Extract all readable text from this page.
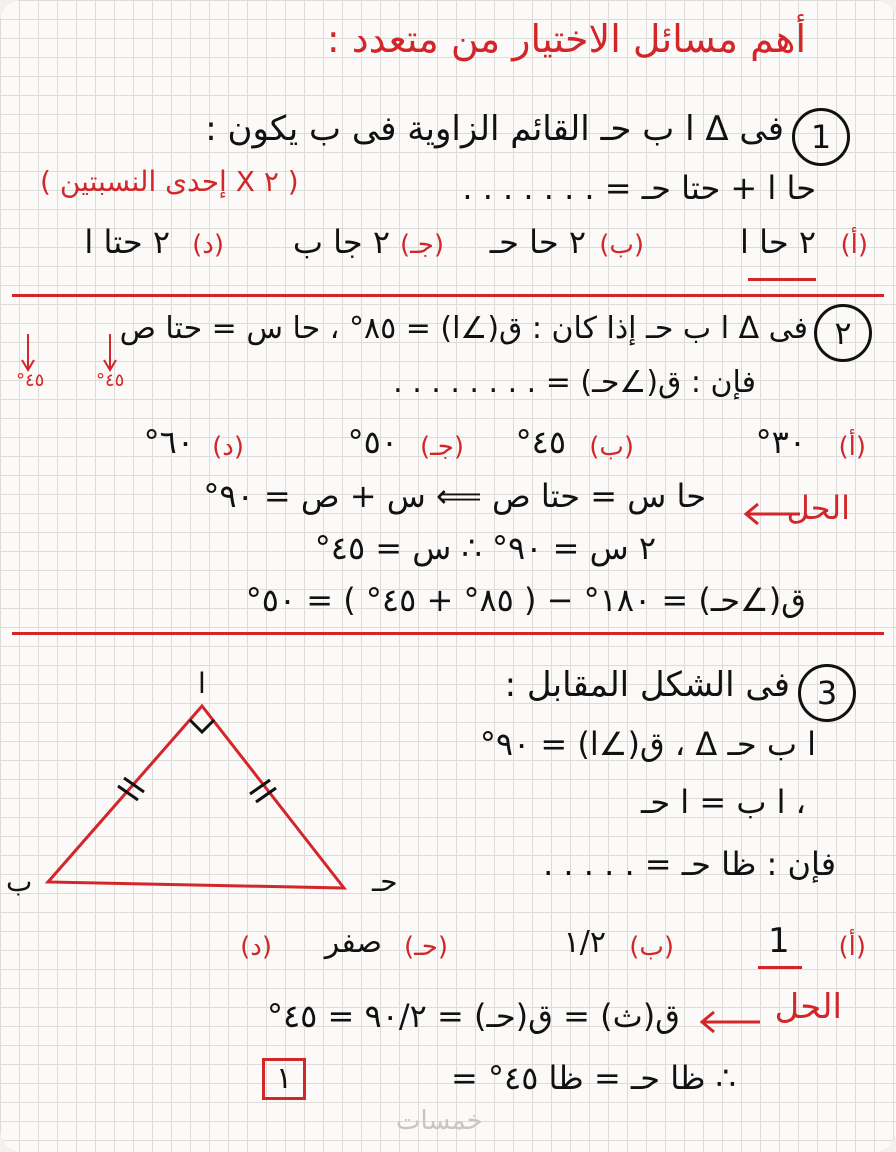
أهم مسائل الاختيار من متعدد :
1
فى Δ ا ب حـ القائم الزاوية فى ب يكون :
حا ا + حتا حـ = . . . . . . .
( ٢ X إحدى النسبتين )
(أ)
٢ حا ا
(ب)
٢ حا حـ
(جـ)
٢ جا ب
(د)
٢ حتا ا
٢
فى Δ ا ب حـ إذا كان : ق(∠ا) = ٨٥° ، حا س = حتا ص
٤٥°	٤٥°	فإن : ق(∠حـ) = . . . . . . . .
(أ)
٣٠°
(ب)
٤٥°
(جـ)
٥٠°
(د)
٦٠°
الحل
حا س = حتا ص ⟸ س + ص = ٩٠°
٢ س = ٩٠° ∴ س = ٤٥°
ق(∠حـ) = ١٨٠° − ( ٨٥° + ٤٥° ) = ٥٠°
3
فى الشكل المقابل :
ا ب حـ Δ ، ق(∠ا) = ٩٠°
، ا ب = ا حـ
فإن : ظا حـ = . . . . .
ا
ب	حـ
(أ)
1
(ب)
١/٢
(حـ)
صفر
(د)
الحل
ق(ث) = ق(حـ) = ٩٠/٢ = ٤٥°
∴ ظا حـ = ظا ٤٥° =
١
خمسات
